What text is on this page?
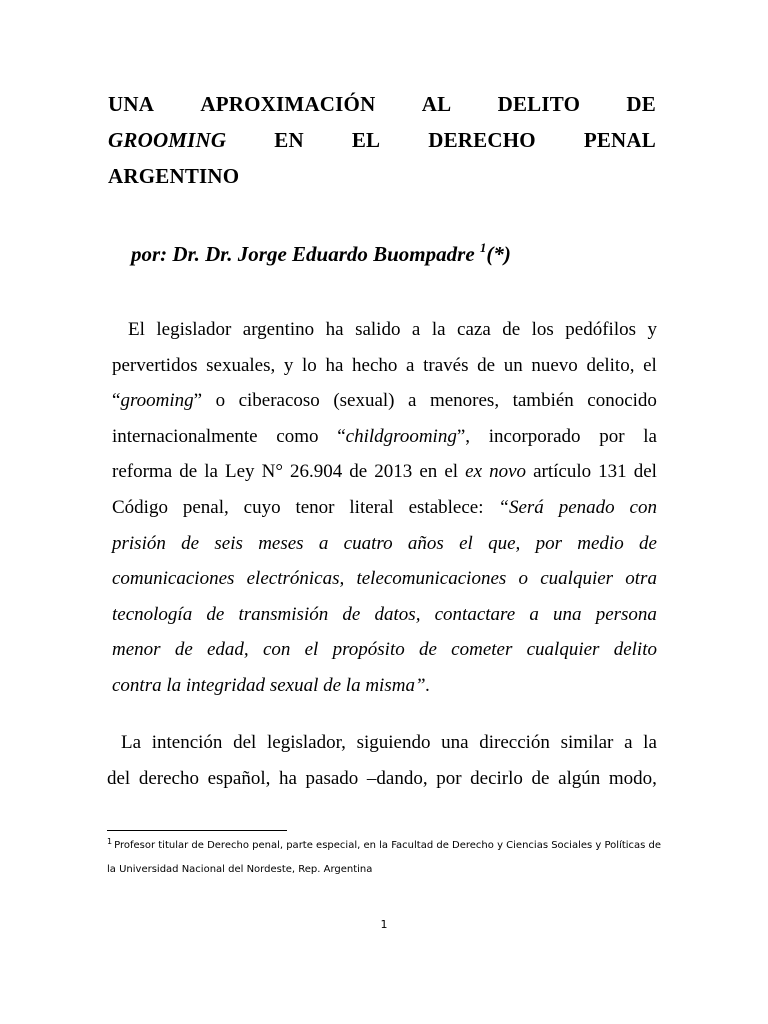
UNA APROXIMACIÓN AL DELITO DE
GROOMING EN EL DERECHO PENAL
ARGENTINO
por: Dr. Dr. Jorge Eduardo Buompadre $^1$(*)
El legislador argentino ha salido a la caza de los pedófilos y
pervertidos sexuales, y lo ha hecho a través de un nuevo delito, el
“grooming” o ciberacoso (sexual) a menores, también conocido
internacionalmente como “childgrooming”, incorporado por la
reforma de la Ley N° 26.904 de 2013 en el ex novo artículo 131 del
Código penal, cuyo tenor literal establece: “Será penado con
prisión de seis meses a cuatro años el que, por medio de
comunicaciones electrónicas, telecomunicaciones o cualquier otra
tecnología de transmisión de datos, contactare a una persona
menor de edad, con el propósito de cometer cualquier delito
contra la integridad sexual de la misma”.
La intención del legislador, siguiendo una dirección similar a la
del derecho español, ha pasado –dando, por decirlo de algún modo,
$^1$ Profesor titular de Derecho penal, parte especial, en la Facultad de Derecho y Ciencias Sociales y Políticas de la Universidad Nacional del Nordeste, Rep. Argentina
1
